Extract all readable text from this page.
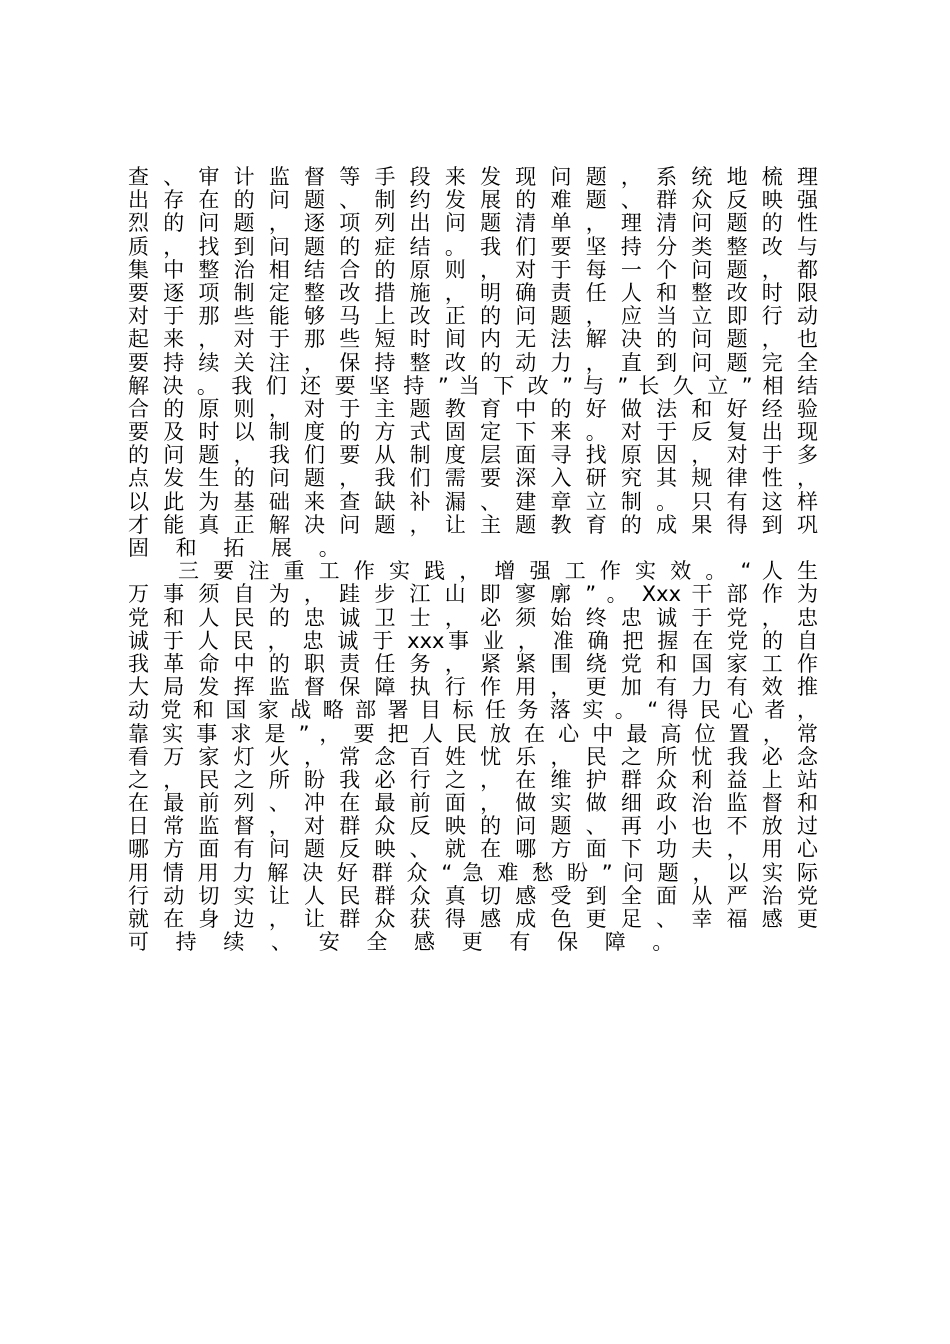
查 、 审 计 监 督 等 手 段 来 发 现 问 题 ， 系 统 地 梳 理
出 存 在 的 问 题 、 制 约 发 展 的 难 题 、 群 众 反 映 强
烈 的 问 题 ， 逐 项 列 出 问 题 清 单 ， 理 清 问 题 的 性
质 ， 找 到 问 题 的 症 结 。 我 们 要 坚 持 分 类 整 改 与
集 中 整 治 相 结 合 的 原 则 ， 对 于 每 一 个 问 题 ， 都
要 逐 项 制 定 整 改 措 施 ， 明 确 责 任 人 和 整 改 时 限
对 于 那 些 能 够 马 上 改 正 的 问 题 ， 应 当 立 即 行 动
起 来 ， 对 于 那 些 短 时 间 内 无 法 解 决 的 问 题 ， 也
要 持 续 关 注 ， 保 持 整 改 的 动 力 ， 直 到 问 题 完 全
解 决 。 我 们 还 要 坚 持 ” 当 下 改 ” 与 ” 长 久 立 ” 相 结
合 的 原 则 ， 对 于 主 题 教 育 中 的 好 做 法 和 好 经 验
要 及 时 以 制 度 的 方 式 固 定 下 来 。 对 于 反 复 出 现
的 问 题 ， 我 们 要 从 制 度 层 面 寻 找 原 因 ， 对 于 多
点 发 生 的 问 题 ， 我 们 需 要 深 入 研 究 其 规 律 性 ，
以 此 为 基 础 来 查 缺 补 漏 、 建 章 立 制 。 只 有 这 样
才 能 真 正 解 决 问 题 ， 让 主 题 教 育 的 成 果 得 到 巩
固 和 拓 展 。
三 要 注 重 工 作 实 践 ， 增 强 工 作 实 效 。 “ 人 生
万 事 须 自 为 ， 跬 步 江 山 即 寥 廓 ” 。 Xxx 干 部 作 为
党 和 人 民 的 忠 诚 卫 士 ， 必 须 始 终 忠 诚 于 党 ， 忠
诚 于 人 民 ， 忠 诚 于 xxx事 业 ， 准 确 把 握 在 党 的 自
我 革 命 中 的 职 责 任 务 ， 紧 紧 围 绕 党 和 国 家 工 作
大 局 发 挥 监 督 保 障 执 行 作 用 ， 更 加 有 力 有 效 推
动 党 和 国 家 战 略 部 署 目 标 任 务 落 实 。 “ 得 民 心 者 ，
靠 实 事 求 是 ” ， 要 把 人 民 放 在 心 中 最 高 位 置 ， 常
看 万 家 灯 火 ， 常 念 百 姓 忧 乐 ， 民 之 所 忧 我 必 念
之 ， 民 之 所 盼 我 必 行 之 ， 在 维 护 群 众 利 益 上 站
在 最 前 列 、 冲 在 最 前 面 ， 做 实 做 细 政 治 监 督 和
日 常 监 督 ， 对 群 众 反 映 的 问 题 、 再 小 也 不 放 过
哪 方 面 有 问 题 反 映 、 就 在 哪 方 面 下 功 夫 ， 用 心
用 情 用 力 解 决 好 群 众 “ 急 难 愁 盼 ” 问 题 ， 以 实 际
行 动 切 实 让 人 民 群 众 真 切 感 受 到 全 面 从 严 治 党
就 在 身 边 ， 让 群 众 获 得 感 成 色 更 足 、 幸 福 感 更
可 持 续 、 安 全 感 更 有 保 障 。
